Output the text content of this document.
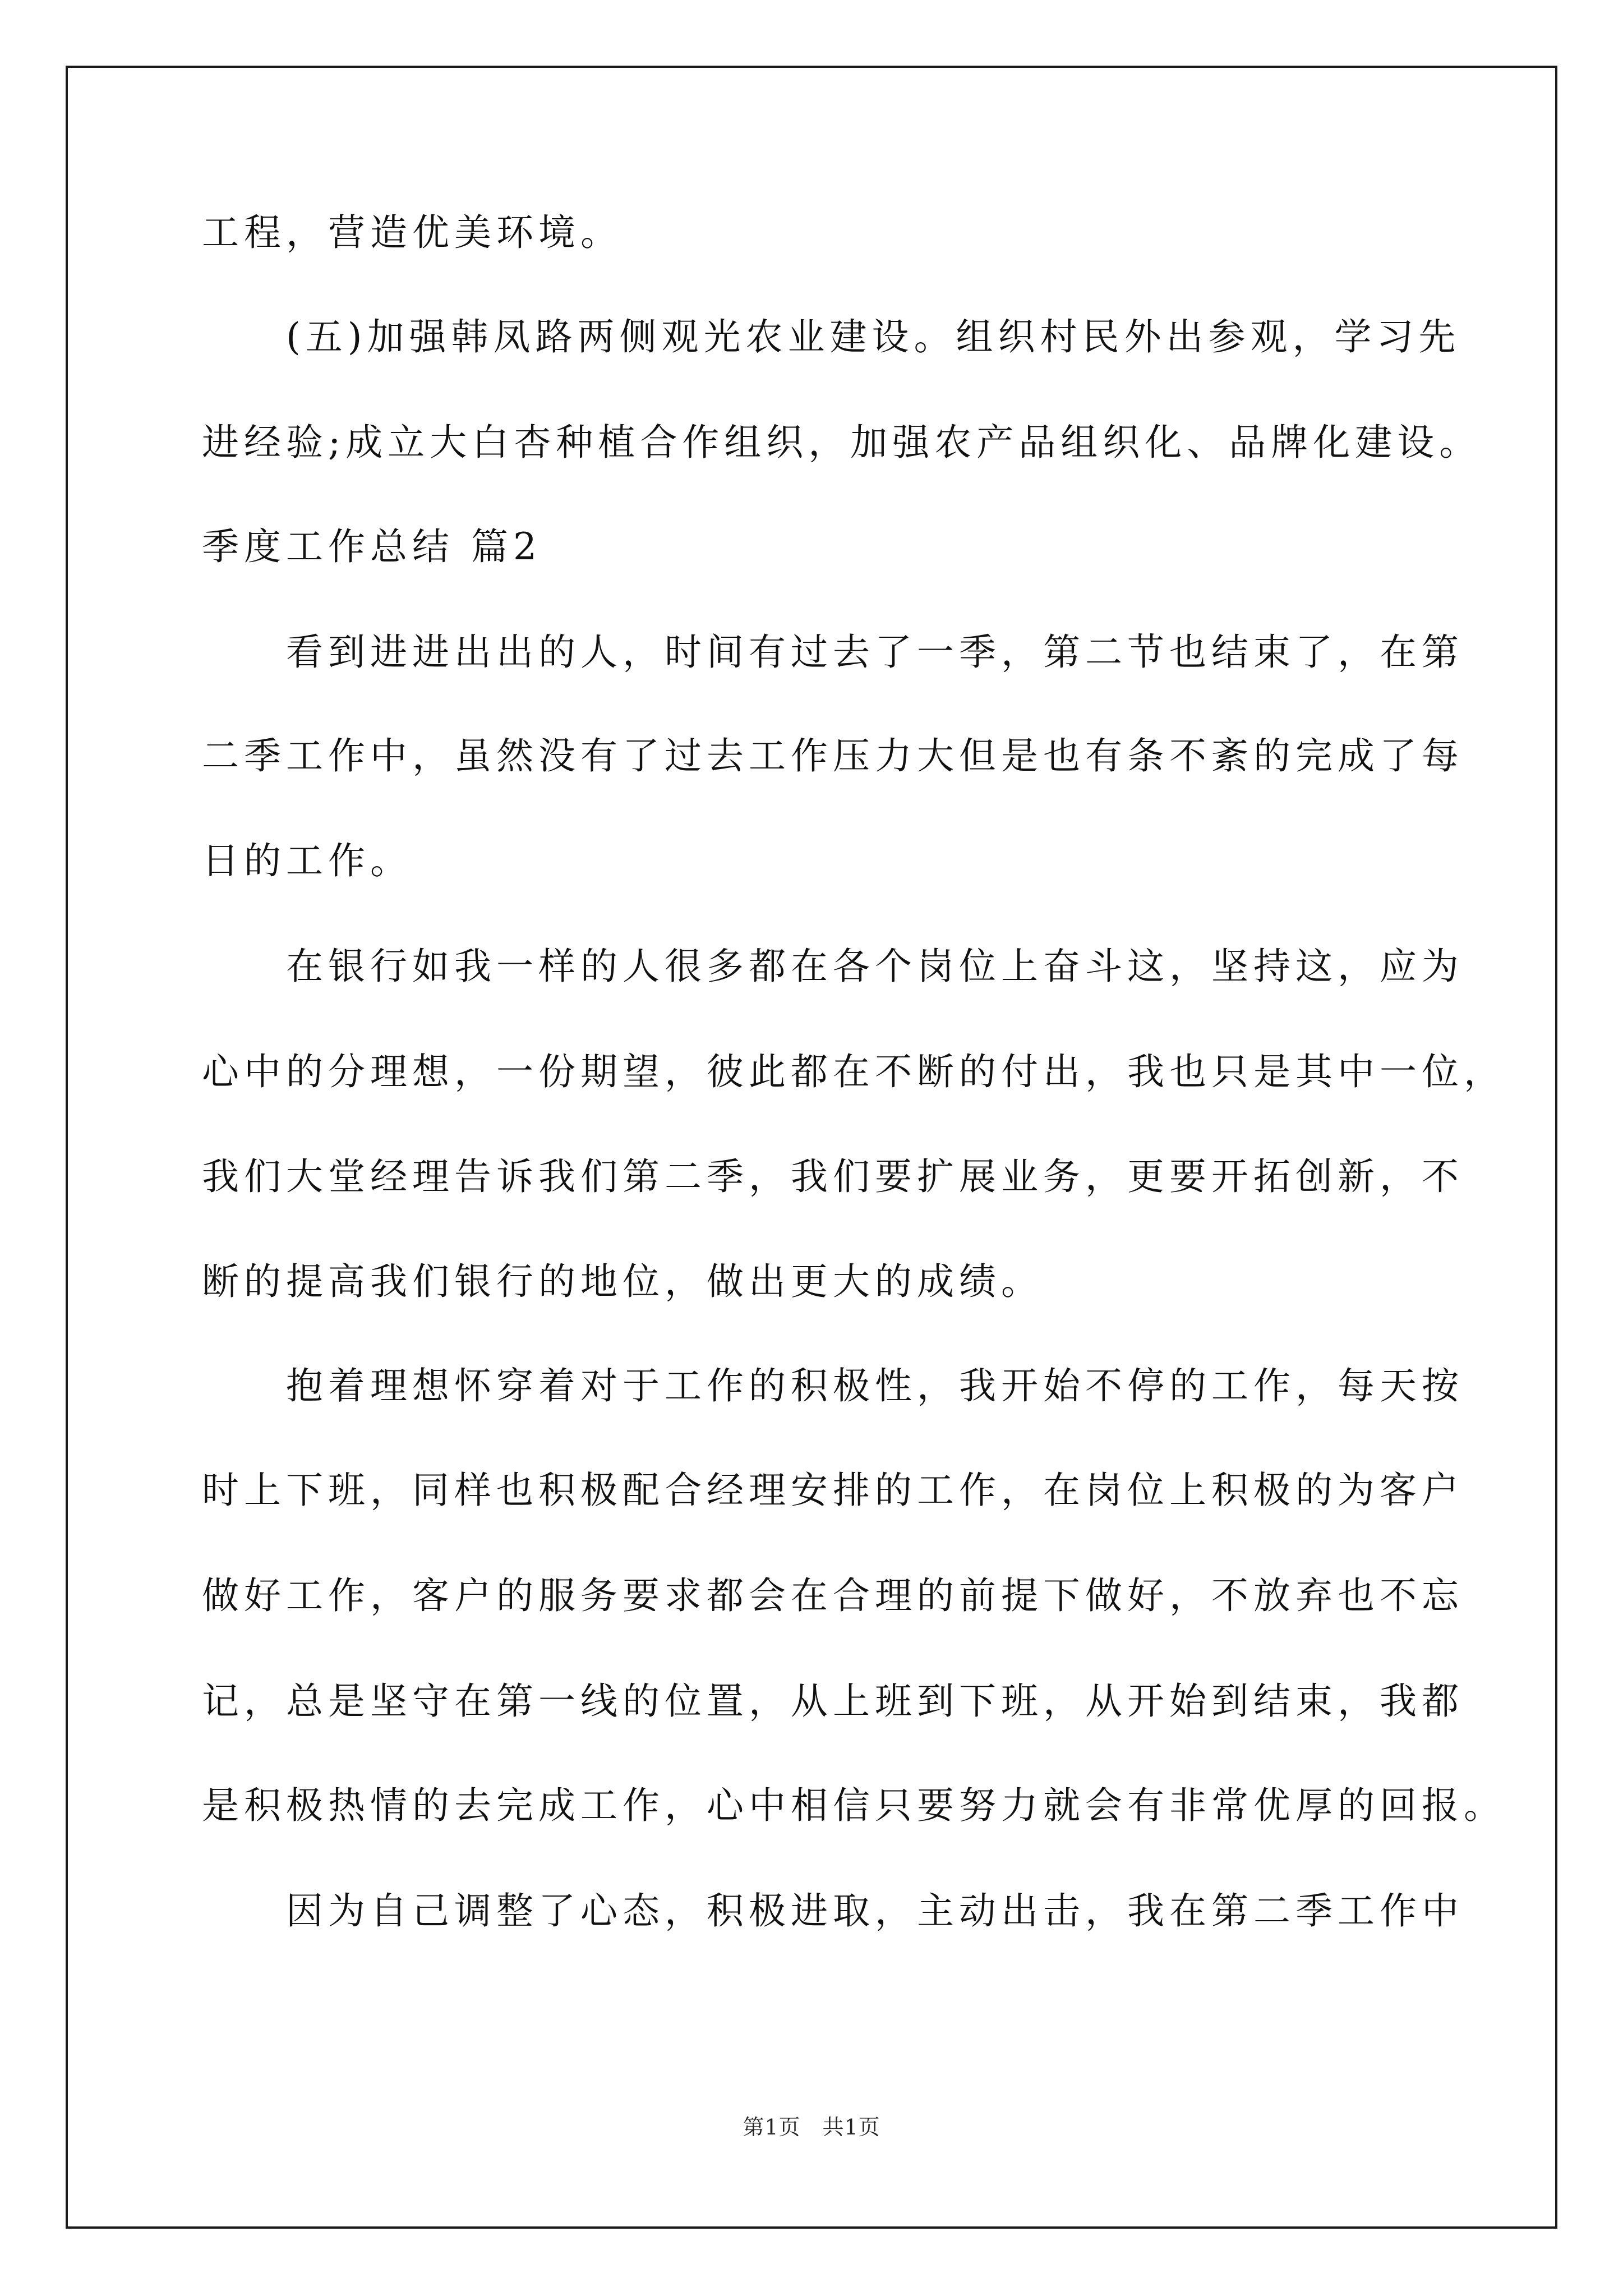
工程，营造优美环境。
(五)加强韩凤路两侧观光农业建设。组织村民外出参观，学习先
进经验;成立大白杏种植合作组织，加强农产品组织化、品牌化建设。
季度工作总结 篇2
看到进进出出的人，时间有过去了一季，第二节也结束了，在第
二季工作中，虽然没有了过去工作压力大但是也有条不紊的完成了每
日的工作。
在银行如我一样的人很多都在各个岗位上奋斗这，坚持这，应为
心中的分理想，一份期望，彼此都在不断的付出，我也只是其中一位，
我们大堂经理告诉我们第二季，我们要扩展业务，更要开拓创新，不
断的提高我们银行的地位，做出更大的成绩。
抱着理想怀穿着对于工作的积极性，我开始不停的工作，每天按
时上下班，同样也积极配合经理安排的工作，在岗位上积极的为客户
做好工作，客户的服务要求都会在合理的前提下做好，不放弃也不忘
记，总是坚守在第一线的位置，从上班到下班，从开始到结束，我都
是积极热情的去完成工作，心中相信只要努力就会有非常优厚的回报。
因为自己调整了心态，积极进取，主动出击，我在第二季工作中
第1页　共1页
